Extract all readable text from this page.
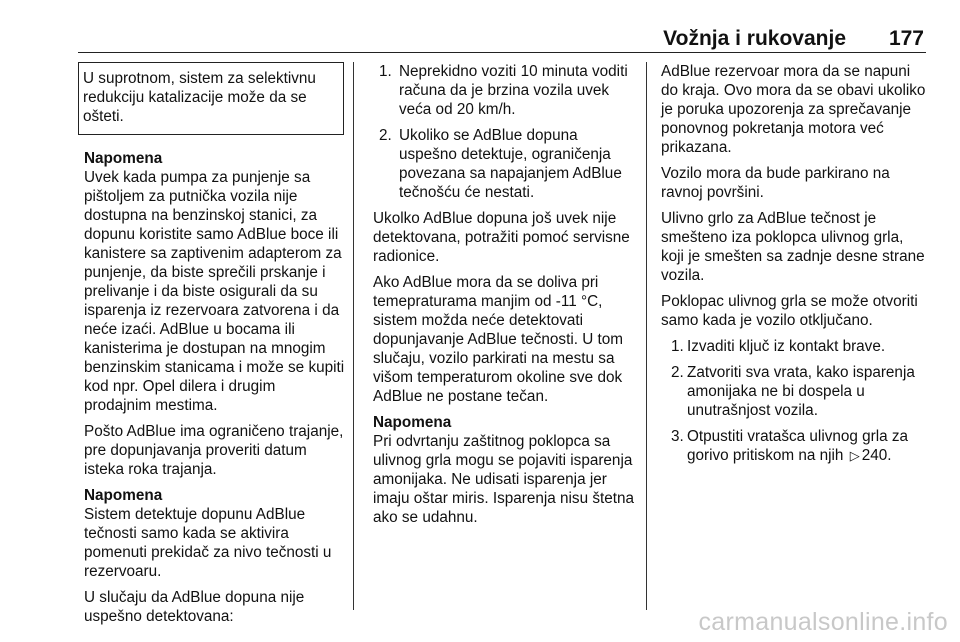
Vožnja i rukovanje 177
U suprotnom, sistem za selektivnu redukciju katalizacije može da se ošteti.
Napomena
Uvek kada pumpa za punjenje sa pištoljem za putnička vozila nije dostupna na benzinskoj stanici, za dopunu koristite samo AdBlue boce ili kanistere sa zaptivenim adapterom za punjenje, da biste sprečili prskanje i prelivanje i da biste osigurali da su isparenja iz rezervoara zatvorena i da neće izaći. AdBlue u bocama ili kanisterima je dostupan na mnogim benzinskim stanicama i može se kupiti kod npr. Opel dilera i drugim prodajnim mestima.

Pošto AdBlue ima ograničeno trajanje, pre dopunjavanja proveriti datum isteka roka trajanja.

Napomena
Sistem detektuje dopunu AdBlue tečnosti samo kada se aktivira pomenuti prekidač za nivo tečnosti u rezervoaru.

U slučaju da AdBlue dopuna nije uspešno detektovana:

1. Neprekidno voziti 10 minuta voditi računa da je brzina vozila uvek veća od 20 km/h.
2. Ukoliko se AdBlue dopuna uspešno detektuje, ograničenja povezana sa napajanjem AdBlue tečnošću će nestati.

Ukolko AdBlue dopuna još uvek nije detektovana, potražiti pomoć servisne radionice.

Ako AdBlue mora da se doliva pri temepraturama manjim od -11 °C, sistem možda neće detektovati dopunjavanje AdBlue tečnosti. U tom slučaju, vozilo parkirati na mestu sa višom temperaturom okoline sve dok AdBlue ne postane tečan.

Napomena
Pri odvrtanju zaštitnog poklopca sa ulivnog grla mogu se pojaviti isparenja amonijaka. Ne udisati isparenja jer imaju oštar miris. Isparenja nisu štetna ako se udahnu.

AdBlue rezervoar mora da se napuni do kraja. Ovo mora da se obavi ukoliko je poruka upozorenja za sprečavanje ponovnog pokretanja motora već prikazana.

Vozilo mora da bude parkirano na ravnoj površini.

Ulivno grlo za AdBlue tečnost je smešteno iza poklopca ulivnog grla, koji je smešten sa zadnje desne strane vozila.

Poklopac ulivnog grla se može otvoriti samo kada je vozilo otključano.

1. Izvaditi ključ iz kontakt brave.
2. Zatvoriti sva vrata, kako isparenja amonijaka ne bi dospela u unutrašnjost vozila.
3. Otpustiti vratašca ulivnog grla za gorivo pritiskom na njih ▷ 240.
carmanualsonline.info
